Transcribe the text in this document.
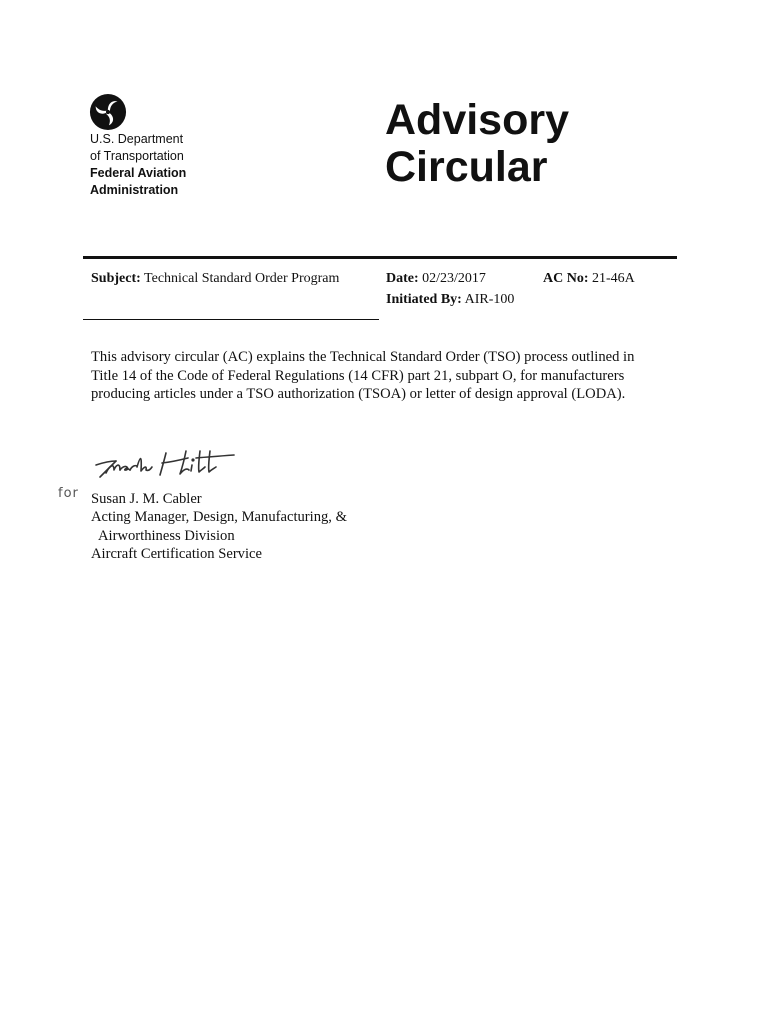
U.S. Department
of Transportation
Federal Aviation
Administration
Advisory
Circular
Subject: Technical Standard Order Program	Date: 02/23/2017	AC No: 21-46A
Initiated By: AIR-100
This advisory circular (AC) explains the Technical Standard Order (TSO) process outlined in
Title 14 of the Code of Federal Regulations (14 CFR) part 21, subpart O, for manufacturers
producing articles under a TSO authorization (TSOA) or letter of design approval (LODA).
for Susan J. M. Cabler
Acting Manager, Design, Manufacturing, &
Airworthiness Division
Aircraft Certification Service
